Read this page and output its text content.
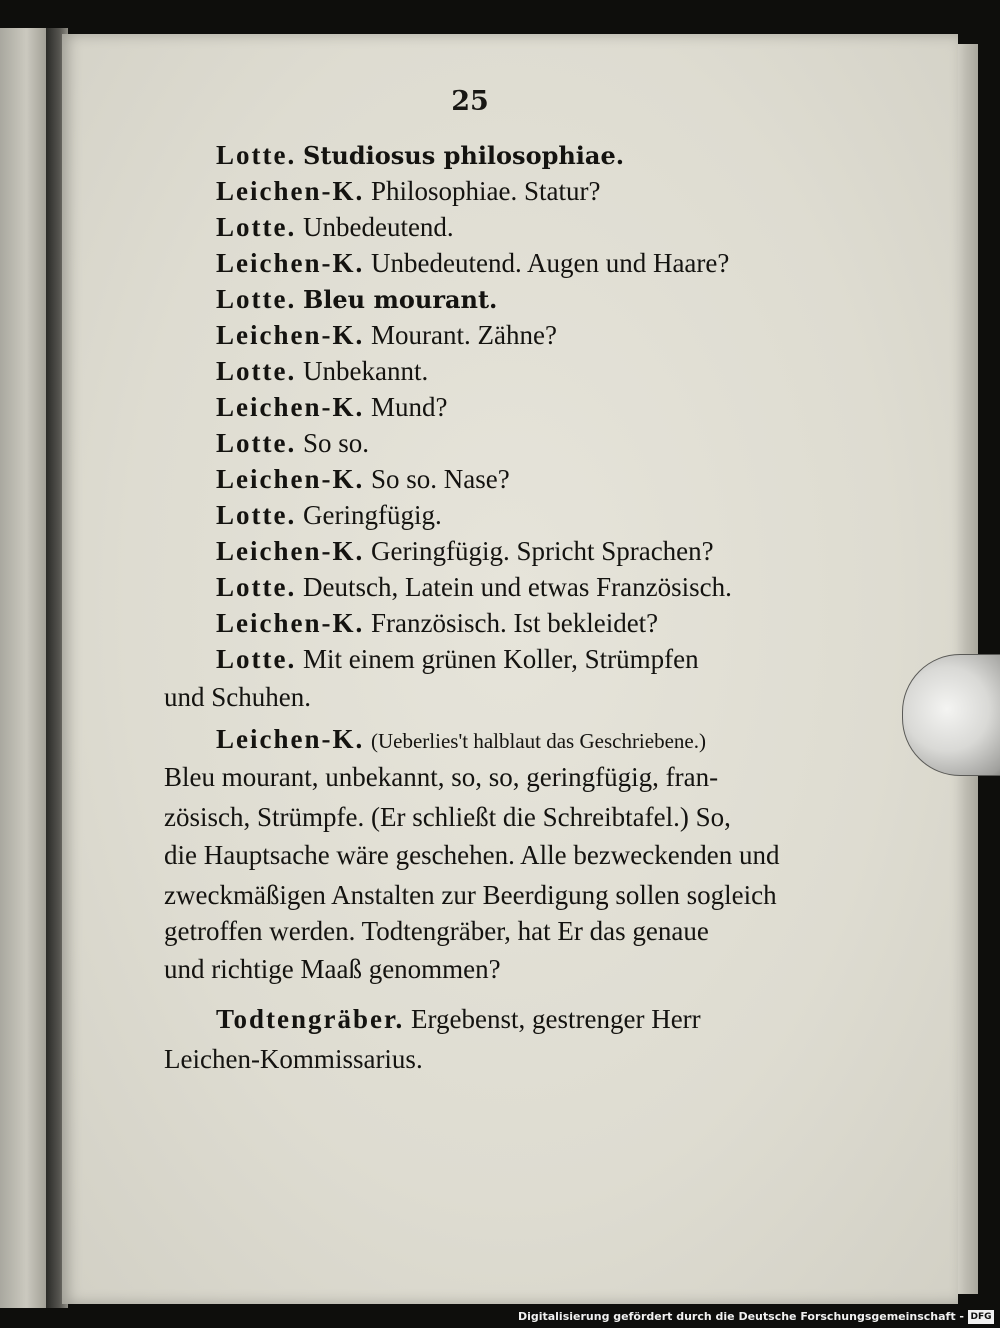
25
Lotte. Studiosus philosophiae.
Leichen-K. Philosophiae. Statur?
Lotte. Unbedeutend.
Leichen-K. Unbedeutend. Augen und Haare?
Lotte. Bleu mourant.
Leichen-K. Mourant. Zähne?
Lotte. Unbekannt.
Leichen-K. Mund?
Lotte. So so.
Leichen-K. So so. Nase?
Lotte. Geringfügig.
Leichen-K. Geringfügig. Spricht Sprachen?
Lotte. Deutsch, Latein und etwas Französisch.
Leichen-K. Französisch. Ist bekleidet?
Lotte. Mit einem grünen Koller, Strümpfen
und Schuhen.
Leichen-K. (Ueberlies't halblaut das Geschriebene.)
Bleu mourant, unbekannt, so, so, geringfügig, fran-
zösisch, Strümpfe. (Er schließt die Schreibtafel.) So,
die Hauptsache wäre geschehen. Alle bezweckenden und
zweckmäßigen Anstalten zur Beerdigung sollen sogleich
getroffen werden. Todtengräber, hat Er das genaue
und richtige Maaß genommen?
Todtengräber. Ergebenst, gestrenger Herr
Leichen-Kommissarius.
Digitalisierung gefördert durch die Deutsche Forschungsgemeinschaft - DFG
